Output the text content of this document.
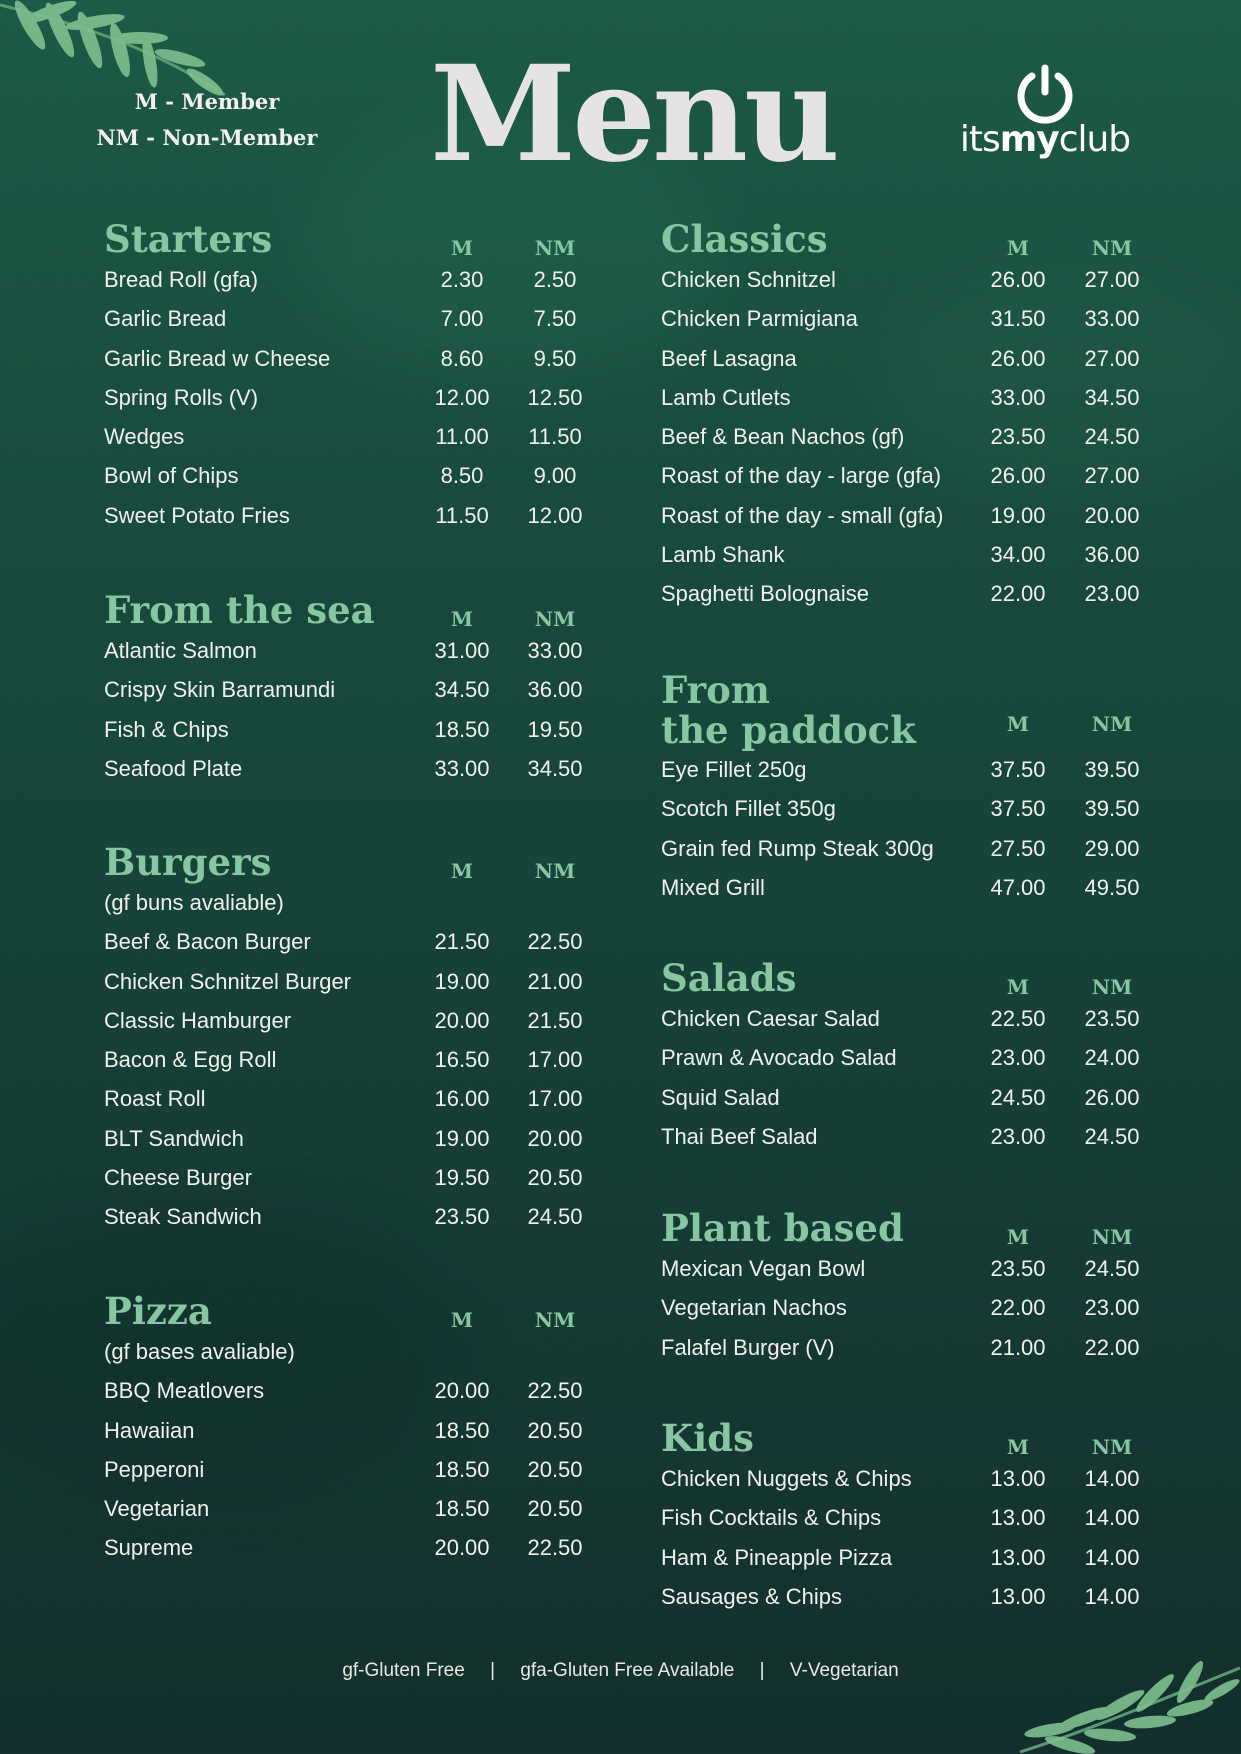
M - Member
NM - Non-Member Menu	itsmyclub
Starters	M	NM
Bread Roll (gfa)	2.30	2.50
Garlic Bread	7.00	7.50
Garlic Bread w Cheese	8.60	9.50
Spring Rolls (V)	12.00	12.50
Wedges	11.00	11.50
Bowl of Chips	8.50	9.00
Sweet Potato Fries	11.50	12.00
From the sea	M	NM
Atlantic Salmon	31.00	33.00
Crispy Skin Barramundi	34.50	36.00
Fish & Chips	18.50	19.50
Seafood Plate	33.00	34.50
Burgers	M	NM
(gf buns avaliable)
Beef & Bacon Burger	21.50	22.50
Chicken Schnitzel Burger	19.00	21.00
Classic Hamburger	20.00	21.50
Bacon & Egg Roll	16.50	17.00
Roast Roll	16.00	17.00
BLT Sandwich	19.00	20.00
Cheese Burger	19.50	20.50
Steak Sandwich	23.50	24.50
Pizza	M	NM
(gf bases avaliable)
BBQ Meatlovers	20.00	22.50
Hawaiian	18.50	20.50
Pepperoni	18.50	20.50
Vegetarian	18.50	20.50
Supreme	20.00	22.50
Classics	M	NM
Chicken Schnitzel	26.00	27.00
Chicken Parmigiana	31.50	33.00
Beef Lasagna	26.00	27.00
Lamb Cutlets	33.00	34.50
Beef & Bean Nachos (gf)	23.50	24.50
Roast of the day - large (gfa)	26.00	27.00
Roast of the day - small (gfa)	19.00	20.00
Lamb Shank	34.00	36.00
Spaghetti Bolognaise	22.00	23.00
From
the paddock	M	NM
Eye Fillet 250g	37.50	39.50
Scotch Fillet 350g	37.50	39.50
Grain fed Rump Steak 300g	27.50	29.00
Mixed Grill	47.00	49.50
Salads	M	NM
Chicken Caesar Salad	22.50	23.50
Prawn & Avocado Salad	23.00	24.00
Squid Salad	24.50	26.00
Thai Beef Salad	23.00	24.50
Plant based	M	NM
Mexican Vegan Bowl	23.50	24.50
Vegetarian Nachos	22.00	23.00
Falafel Burger (V)	21.00	22.00
Kids	M	NM
Chicken Nuggets & Chips	13.00	14.00
Fish Cocktails & Chips	13.00	14.00
Ham & Pineapple Pizza	13.00	14.00
Sausages & Chips	13.00	14.00
gf-Gluten Free | gfa-Gluten Free Available | V-Vegetarian
